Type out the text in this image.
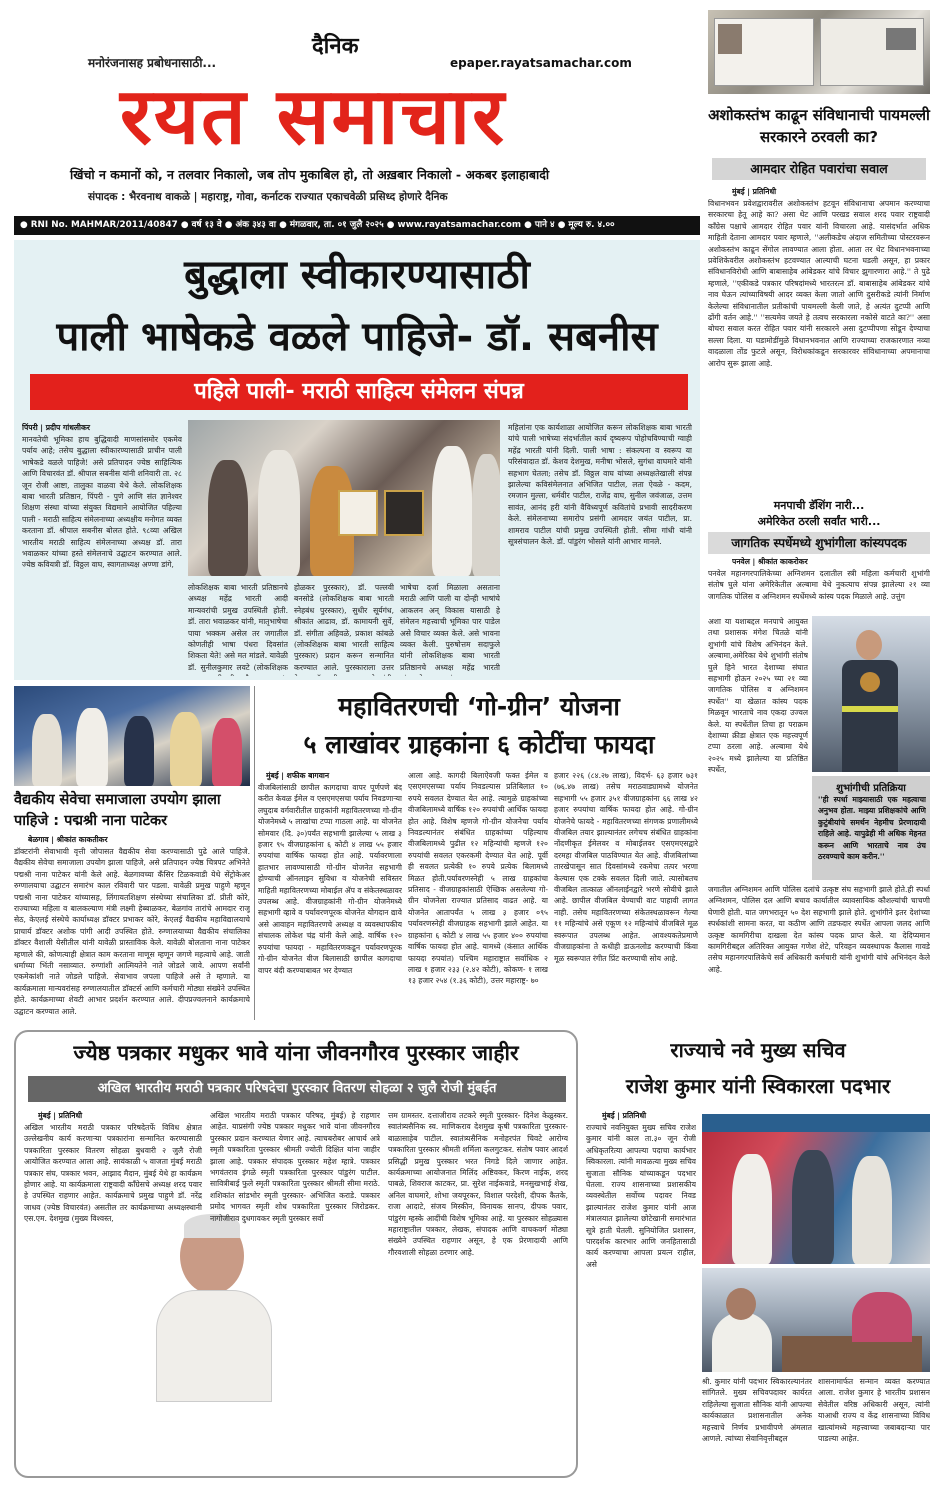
मनोरंजनासह प्रबोधनासाठी...
दैनिक
epaper.rayatsamachar.com
रयत समाचार
खिंचो न कमानों को, न तलवार निकालो, जब तोप मुकाबिल हो, तो अख़बार निकालो - अकबर इलाहाबादी
संपादक : भैरवनाथ वाकळे | महाराष्ट्र, गोवा, कर्नाटक राज्यात एकाचवेळी प्रसिध्द होणारे दैनिक
● RNI No. MAHMAR/2011/40847 ● वर्ष १३ वे ● अंक ३४३ वा ● मंगळवार, ता. ०१ जुलै २०२५ ● www.rayatsamachar.com ● पाने ४ ● मूल्य रु. ४.००
बुद्धाला स्वीकारण्यासाठी
पाली भाषेकडे वळले पाहिजे- डॉ. सबनीस
पहिले पाली- मराठी साहित्य संमेलन संपन्न
पिंपरी | प्रदीप गांधलीकर
मानवतेची भूमिका हाच बुद्धिवादी माणसांसमोर एकमेव पर्याय आहे; तसेच बुद्धाला स्वीकारण्यासाठी प्राचीन पाली भाषेकडे वळले पाहिजे! असे प्रतिपादन ज्येष्ठ साहित्यिक आणि विचारवंत डॉ. श्रीपाल सबनीस यांनी शनिवारी ता. २८ जून रोजी आष्टा, तालुका वाळवा येथे केले. लोकशिक्षक बाबा भारती प्रतिष्ठान, पिंपरी - पुणे आणि संत ज्ञानेश्वर शिक्षण संस्था यांच्या संयुक्त विद्यमाने आयोजित पहिल्या पाली - मराठी साहित्य संमेलनाच्या अध्यक्षीय मनोगत व्यक्त करताना डॉ. श्रीपाल सबनीस बोलत होते. ९८व्या अखिल भारतीय मराठी साहित्य संमेलनाच्या अध्यक्ष डॉ. तारा भवाळकर यांच्या हस्ते संमेलनाचे उद्घाटन करण्यात आले. ज्येष्ठ कवियत्री डॉ. विठ्ठल वाघ, स्वागताध्यक्ष अण्णा डांगे,
लोकशिक्षक बाबा भारती प्रतिष्ठानचे अध्यक्ष महेंद्र भारती आदी मान्यवरांची प्रमुख उपस्थिती होती. डॉ. तारा भवाळकर यांनी, मातृभाषेचा पाया भक्कम असेल तर जगातील कोणतीही भाषा पंधरा दिवसांत शिकता येते! असे मत मांडले. यावेळी डॉ. सुनीलकुमार लवटे (लोकशिक्षक
होळकर पुरस्कार), डॉ. पल्लवी बनसोडे (लोकशिक्षक बाबा भारती स्नेहबंध पुरस्कार), सुधीर सूर्यगंध, श्रीकांत आढाव, डॉ. कामायनी सुर्वे, डॉ. संगीता अहिवळे, प्रकाश कांबळे (लोकशिक्षक बाबा भारती साहित्य पुरस्कार) प्रदान करून सन्मानित करण्यात आले. पुरस्काराला उत्तर
भाषेचा दर्जा मिळाला असताना मराठी आणि पाली या दोन्ही भाषांचे आकलन अन् विकास यासाठी हे संमेलन महत्त्वाची भूमिका पार पाडेल असे विचार व्यक्त केले. असे भावना व्यक्त केली. पुरुषोत्तम सदाफुले यांनी लोकशिक्षक बाबा भारती प्रतिष्ठानचे अध्यक्ष महेंद्र भारती
महिलांना एक कार्यशाळा आयोजित करून लोकशिक्षक बाबा भारती यांचे पाली भाषेच्या संदर्भातील कार्य दृष्यरूप पोहोचविण्याची ग्वाही महेंद्र भारती यांनी दिली. पाली भाषा : संकल्पना व स्वरूप या परिसंवादात डॉ. केशव देशमुख, मनीषा भोसले, सुगंधा वाघमारे यांनी सहभाग घेतला; तसेच डॉ. विठ्ठल वाघ यांच्या अध्यक्षतेखाली संपन्न झालेल्या कविसंमेलनात अभिजित पाटील, लता ऐवळे - कदम, रमजान मुल्ला, धर्मवीर पाटील, राजेंद्र वाघ, सुनील जवंजाळ, उत्तम सावंत, आनंद हरी यांनी वैविध्यपूर्ण कवितांचे प्रभावी सादरीकरण केले. संमेलनाच्या समारोप प्रसंगी आमदार जयंत पाटील, प्रा. शामराव पाटील यांची प्रमुख उपस्थिती होती. सीमा गांधी यांनी सूत्रसंचालन केले. डॉ. पांडुरंग भोसले यांनी आभार मानले.
अशोकस्तंभ काढून संविधानाची पायमल्ली सरकारने ठरवली का?
आमदार रोहित पवारांचा सवाल
मुंबई | प्रतिनिधी
विधानभवन प्रवेशद्वारावरील अशोकस्तंभ हटवून संविधानाचा अपमान करण्याचा सरकारचा हेतू आहे का? असा थेट आणि परखड सवाल शरद पवार राष्ट्रवादी काँग्रेस पक्षाचे आमदार रोहित पवार यांनी विचारला आहे. यासंदर्भात अधिक माहिती देताना आमदार पवार म्हणाले, ''अलीकडेच अंदाज समितीच्या पोस्टरवरून अशोकस्तंभ काढून सेंगोल लावण्यात आला होता. आता तर थेट विधानभवनाच्या प्रवेशिकेवरील अशोकस्तंभ हटवण्यात आल्याची घटना घडली असून, हा प्रकार संविधानविरोधी आणि बाबासाहेब आंबेडकर यांचे विचार झुगारणारा आहे.'' ते पुढे म्हणाले, ''एकीकडे पत्रकार परिषदांमध्ये भारतरत्न डॉ. बाबासाहेब आंबेडकर यांचे नाव घेऊन त्यांच्याविषयी आदर व्यक्त केला जातो आणि दुसरीकडे त्यांनी निर्माण केलेल्या संविधानातील प्रतीकांची पायमल्ली केली जाते, हे अत्यंत दुटप्पी आणि ढोंगी वर्तन आहे.'' ''सत्यमेव जयते हे तत्वच सरकारला नकोसे वाटते का?'' असा बोचरा सवाल करत रोहित पवार यांनी सरकारने असा दुटप्पीपणा सोडून देण्याचा सल्ला दिला. या घडामोडींमुळे विधानभवनात आणि राज्याच्या राजकारणात नव्या वादळाला तोंड फुटले असून, विरोधकांकडून सरकारवर संविधानाच्या अपमानाचा आरोप सुरू झाला आहे.
मनपाची डॅशिंग नारी...
अमेरिकेत ठरली सर्वांत भारी...
जागतिक स्पर्धेमध्ये शुभांगीला कांस्यपदक
पनवेल | श्रीकांत काकरोकर
पनवेल महानगरपालिकेच्या अग्निशमन दलातील स्त्री महिला कर्मचारी शुभांगी संतोष घुले यांना अमेरिकेतील अल्बामा येथे नुकत्याच संपन्न झालेल्या २१ व्या जागतिक पोलिस व अग्निशमन स्पर्धेमध्ये कांस्य पदक मिळाले आहे. उत्तुंग
अशा या यशाबद्दल मनपाचे आयुक्त तथा प्रशासक मंगेश चितळे यांनी शुभांगी यांचे विशेष अभिनंदन केले. अल्बामा,अमेरिका येथे शुभांगी संतोष घुले हिने भारत देशाच्या संघात सहभागी होऊन २०२५ च्या २१ व्या जागतिक पोलिस व अग्निशमन स्पर्धेत'' या खेळात कांस्य पदक मिळवून भारताचे नाव एकदा उज्वल केले. या स्पर्धेतील तिचा हा पराक्रम देशाच्या क्रीडा क्षेत्रात एक महत्त्वपूर्ण टप्पा ठरला आहे. अल्बामा येथे २०२५ मध्ये झालेल्या या प्रतिष्ठित स्पर्धेत,
शुभांगीची प्रतिक्रिया
''ही स्पर्धा माझ्यासाठी एक महत्वाचा अनुभव होता. माझ्या प्रशिक्षकांचे आणि कुटुंबीयांचे समर्थन नेहमीच प्रेरणादायी राहिले आहे. यापुढेही मी अधिक मेहनत करून आणि भारताचे नाव उंच ठरवण्याचे काम करीन.''
जगातील अग्निशमन आणि पोलिस दलांचे उत्कृष्ट संघ सहभागी झाले होते.ही स्पर्धा अग्निशमन, पोलिस दल आणि बचाव कार्यातील व्यावसायिक कौशल्यांची चाचणी घेणारी होती. यात जगभरातून ५० देश सहभागी झाले होते. शुभांगीने इतर देशांच्या स्पर्धकांशी सामना करत, या कठीण आणि तडफदार स्पर्धेत आपला जलद आणि उत्कृष्ट कामगिरीचा दाखला देत कांस्य पदक प्राप्त केले. या देदिप्यमान कामगिरीबद्दल अतिरिक्त आयुक्त गणेश शेटे, परिवहन व्यवस्थापक कैलास गावडे तसेच महानगरपालिकेचे सर्व अधिकारी कर्मचारी यांनी शुभांगी यांचे अभिनंदन केले आहे.
वैद्यकीय सेवेचा समाजाला उपयोग झाला पाहिजे : पद्मश्री नाना पाटेकर
बेळगाव | श्रीकांत काकतीकर
डॉक्टरांनी सेवाभावी वृत्ती जोपासत वैद्यकीय सेवा करण्यासाठी पुढे आले पाहिजे. वैद्यकीय सेवेचा समाजाला उपयोग झाला पाहिजे, असे प्रतिपादन ज्येष्ठ चित्रपट अभिनेते पद्मश्री नाना पाटेकर यांनी केले आहे. बेळगावच्या कॅंसिर टिळकवाडी येथे सेंट्रोकेअर रुग्णालयाचा उद्घाटन समारंभ काल रविवारी पार पडला. यावेळी प्रमुख पाहुणे म्हणून पद्मश्री नाना पाटेकर यांच्यासह, लिंगायतशिक्षण संस्थेच्या संचालिका डॉ. प्रीती कोरे, राज्याच्या महिला व बालकल्याण मंत्री लक्ष्मी हेब्बाळकर, बेळगांव तारांचे आमदार राजू सेठ, केएलई संस्थेचे कार्याध्यक्ष डॉक्टर प्रभाकर कोरे, केएलई वैद्यकीय महाविद्यालयाचे प्राचार्य डॉक्टर अशोक पांगी आदी उपस्थित होते. रुग्णालयाच्या वैद्यकीय संचालिका डॉक्टर वैशाली येसीतील यांनी यावेळी प्रास्ताविक केले. यावेळी बोलताना नाना पाटेकर म्हणाले की, कोणत्याही क्षेत्रात काम करताना माणूस म्हणून जगणे महत्वाचे आहे. जाती धर्माच्या भिंती नसाव्यात. रुग्णांशी आत्मियतेने नाते जोडले जावे. आपण सर्वांनी एकमेकांशी नाते जोडले पाहिजे. सेवाभाव जपला पाहिजे असे ते म्हणाले. या कार्यक्रमाला मान्यवरांसह रुग्णालयातील डॉक्टर्स आणि कर्मचारी मोठ्या संख्येने उपस्थित होते. कार्यक्रमाच्या शेवटी आभार प्रदर्शन करण्यात आले. दीपप्रज्वलनाने कार्यक्रमाचे उद्घाटन करण्यात आले.
महावितरणची ‘गो-ग्रीन’ योजना
५ लाखांवर ग्राहकांना ६ कोटींचा फायदा
मुंबई | शफीक बागवान
वीजबिलांसाठी छापील कागदाचा वापर पूर्णपणे बंद करीत केवळ ईमेल व एसएमएसचा पर्याय निवडणाऱ्या लघुदाब वर्गवारीतील ग्राहकांनी महावितरणच्या गो-ग्रीन योजनेमध्ये ५ लाखांचा टप्पा गाठला आहे. या योजनेत सोमवार (दि. ३०)पर्यंत सहभागी झालेल्या ५ लाख ३ हजार ९५ वीजग्राहकांना ६ कोटी ४ लाख ५५ हजार रुपयांचा वार्षिक फायदा होत आहे. पर्यावरणाला हातभार लावण्यासाठी गो-ग्रीन योजनेत सहभागी होण्याची ऑनलाइन सुविधा व योजनेची सविस्तर माहिती महावितरणच्या मोबाईल ॲप व संकेतस्थळावर उपलब्ध आहे. वीजग्राहकांनी गो-ग्रीन योजनेमध्ये सहभागी व्हावे व पर्यावरणपूरक योजनेत योगदान द्यावे असे आवाहन महावितरणचे अध्यक्ष व व्यवस्थापकीय संचालक लोकेश चंद्र यांनी केले आहे. वार्षिक १२० रुपयांचा फायदा - महावितरणकडून पर्यावरणपूरक गो-ग्रीन योजनेत वीज बिलासाठी छापील कागदाचा वापर बंदी करण्याबाबत भर देण्यात
आला आहे. कागदी बिलाऐवजी फक्त ईमेल व एसएमएसच्या पर्याय निवडल्यास प्रतिबिलात १० रुपये सवलत देण्यात येत आहे. त्यामुळे ग्राहकांच्या वीजबिलामध्ये वार्षिक १२० रुपयांची आर्थिक फायदा होत आहे. विशेष म्हणजे गो-ग्रीन योजनेचा पर्याय निवडल्यानंतर संबंधित ग्राहकांच्या पहिल्याच वीजबिलामध्ये पुढील १२ महिन्यांची म्हणजे १२० रुपयांची सवलत एकरकमी देण्यात येत आहे. पूर्वी ही सवलत प्रत्येकी १० रुपये प्रत्येक बिलामध्ये मिळत होती.पर्यावरणस्नेही ५ लाख ग्राहकांचा प्रतिसाद - वीजग्राहकांसाठी ऐच्छिक असलेल्या गो-ग्रीन योजनेला राज्यात प्रतिसाद वाढत आहे. या योजनेत आतापर्यंत ५ लाख ३ हजार ०९५ पर्यावरणस्नेही वीजग्राहक सहभागी झाले आहेत. या ग्राहकांना ६ कोटी ४ लाख ५५ हजार ४०० रुपयांचा वार्षिक फायदा होत आहे. यामध्ये (कंसात आर्थिक फायदा रुपयांत) पश्चिम महाराष्ट्रात सर्वाधिक २ लाख १ हजार २३३ (२.४२ कोटी), कोकण- १ लाख १३ हजार २५४ (१.३६ कोटी), उत्तर महाराष्ट्र- ७०
हजार २२६ (८४.२७ लाख), विदर्भ- ६३ हजार ७३१ (७६.४७ लाख) तसेच मराठवाड्यामध्ये योजनेत सहभागी ५५ हजार ३५१ वीजग्राहकांना ६६ लाख ४२ हजार रुपयांचा वार्षिक फायदा होत आहे. गो-ग्रीन योजनेचे फायदे - महावितरणच्या संगणक प्रणालीमध्ये वीजबिल तयार झाल्यानंतर लगेचच संबंधित ग्राहकांना नोंदणीकृत ईमेलवर व मोबाईलवर एसएमएसद्वारे दरमहा वीजबिल पाठविण्यात येत आहे. वीजबिलांच्या तारखेपासून सात दिवसांमध्ये रकमेचा तत्पर भरणा केल्यास एक टक्के सवलत दिली जाते. त्यासोबतच वीजबिल तात्काळ ऑनलाईनद्वारे भरणे सोयीचे झाले आहे. छापील वीजबिल येण्याची वाट पाहावी लागत नाही. तसेच महावितरणच्या संकेतस्थळावरून गेल्या ११ महिन्यांचे असे एकूण १२ महिन्यांचे वीजबिले मूळ स्वरूपात उपलब्ध आहेत. आवश्यकतेप्रमाणे वीजग्राहकांना ते कधीही डाऊनलोड करण्याची किंवा मूळ स्वरूपात रंगीत प्रिंट करण्याची सोय आहे.
ज्येष्ठ पत्रकार मधुकर भावे यांना जीवनगौरव पुरस्कार जाहीर
अखिल भारतीय मराठी पत्रकार परिषदेचा पुरस्कार वितरण सोहळा २ जुलै रोजी मुंबईत
मुंबई | प्रतिनिधी
अखिल भारतीय मराठी पत्रकार परिषदेतर्फे विविध क्षेत्रात उल्लेखनीय कार्य करणाऱ्या पत्रकारांना सन्मानित करण्यासाठी पत्रकारिता पुरस्कार वितरण सोहळा बुधवारी २ जुलै रोजी आयोजित करण्यात आला आहे. सायंकाळी ५ वाजता मुंबई मराठी पत्रकार संघ, पत्रकार भवन, आझाद मैदान, मुंबई येथे हा कार्यक्रम होणार आहे. या कार्यक्रमाला राष्ट्रवादी काँग्रेसचे अध्यक्ष शरद पवार हे उपस्थित राहणार आहेत. कार्यक्रमाचे प्रमुख पाहुणे डॉ. नरेंद्र जाधव (ज्येष्ठ विचारवंत) असतील तर कार्यक्रमाच्या अध्यक्षस्थानी एस.एम. देशमुख (मुख्य विश्वस्त,
अखिल भारतीय मराठी पत्रकार परिषद, मुंबई) हे राहणार आहेत. याप्रसंगी ज्येष्ठ पत्रकार मधुकर भावे यांना जीवनगौरव पुरस्कार प्रदान करण्यात येणार आहे. त्याचबरोबर आचार्य अत्रे स्मृती पत्रकारिता पुरस्कार श्रीमती ज्योती दिक्षित यांना जाहीर झाला आहे. पत्रकार संपादक पुरस्कार महेश म्हात्रे. पत्रकार भगवंतराव इंगळे स्मृती पत्रकारिता पुरस्कार पांडुरंग पाटील. सावित्रीबाई फुले स्मृती पत्रकारिता पुरस्कार श्रीमती सीमा मराठे. शशिकांत सांडभोर स्मृती पुरस्कार- अभिजित कराडे. पत्रकार प्रमोद भागवत स्मृती शोध पत्रकारिता पुरस्कार जिरोडकर. नागोजीराव दुधगावकर स्मृती पुरस्कार सर्वो
त्तम ग्रामस्तर. दत्ताजीराव तटकरे स्मृती पुरस्कार- दिनेश केळुस्कर. स्वातंत्र्यसैनिक स्व. माणिकराव देशमुख कृषी पत्रकारिता पुरस्कार- बाळासाहेब पाटील. स्वातंत्र्यसैनिक मनोहरपंत चिवटे आरोग्य पत्रकारिता पुरस्कार श्रीमती शर्मिला कलगुटकर. संतोष पवार आदर्श प्रसिद्धी प्रमुख पुरस्कार भरत निगडे दिले जाणार आहेत. कार्यक्रमाच्या आयोजनात मिलिंद अष्टिवकर, किरण नाईक, शरद पाबळे, शिवराज काटकर, प्रा. सुरेश नाईकवाडे, मनसुखभाई शेख, अनिल वाघमारे, शोभा जयपूरकर, विशाल परदेशी, दीपक कैतके, राजा आदाटे, संजय मिस्कीन, विनायक सानप, दीपक पवार, पांडुरंग म्हस्के आदींची विशेष भूमिका आहे. या पुरस्कार सोहळ्यास महाराष्ट्रातील पत्रकार, लेखक, संपादक आणि वाचकवर्ग मोठ्या संख्येने उपस्थित राहणार असून, हे एक प्रेरणादायी आणि गौरवशाली सोहळा ठरणार आहे.
राज्याचे नवे मुख्य सचिव
राजेश कुमार यांनी स्विकारला पदभार
मुंबई | प्रतिनिधी
राज्याचे नवनियुक्त मुख्य सचिव राजेश कुमार यांनी काल ता.३० जून रोजी अधिकृतरित्या आपल्या पदाचा कार्यभार स्विकारला. त्यांनी मावळत्या मुख्य सचिव सुजाता सौनिक यांच्याकडून पदभार घेतला. राज्य शासनाच्या प्रशासकीय व्यवस्थेतील सर्वोच्च पदावर निवड झाल्यानंतर राजेश कुमार यांनी आज मंत्रालयात झालेल्या छोटेखानी समारंभात सूत्रे हाती घेतली. सुनियोजित प्रशासन, पारदर्शक कारभार आणि जनहितासाठी कार्य करण्याचा आपला प्रयत्न राहील, असे
श्री. कुमार यांनी पदभार स्विकारल्यानंतर सांगितले. मुख्य सचिवपदावर कार्यरत राहिलेल्या सुजाता सौनिक यांनी आपल्या कार्यकाळात प्रशासनातील अनेक महत्त्वाचे निर्णय प्रभावीपणे अंमलात आणले. त्यांच्या सेवानिवृत्तीबद्दल
शासनामार्फत सन्मान व्यक्त करण्यात आला. राजेश कुमार हे भारतीय प्रशासन सेवेतील वरिष्ठ अधिकारी असून, त्यांनी याआधी राज्य व केंद्र शासनाच्या विविध खात्यांमध्ये महत्त्वाच्या जबाबदाऱ्या पार पाडल्या आहेत.
